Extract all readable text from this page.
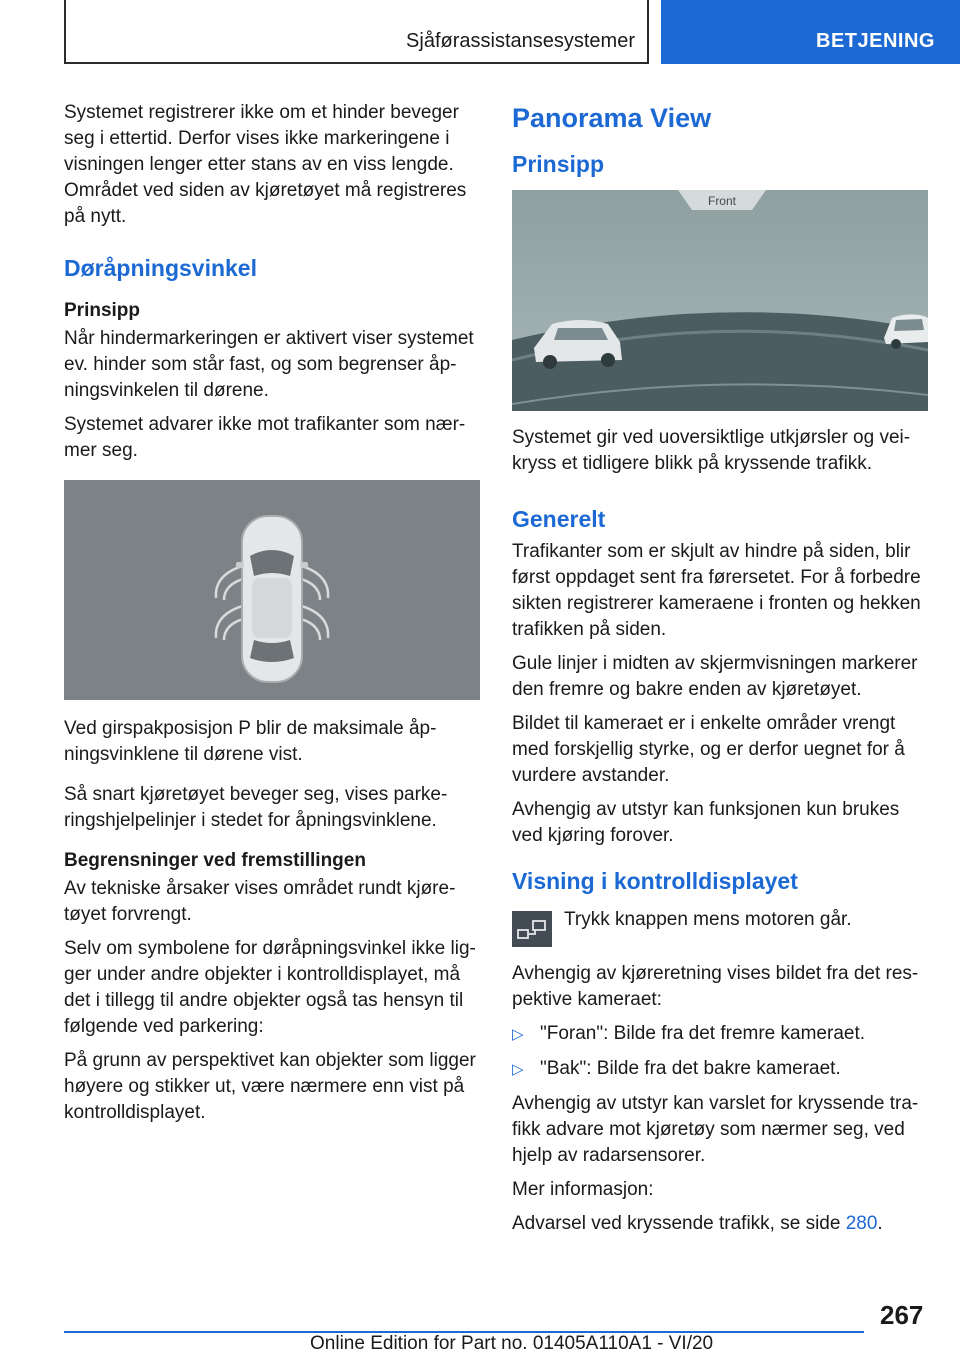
Sjåførassistansesystemer	BETJENING

Systemet registrerer ikke om et hinder beveger seg i ettertid. Derfor vises ikke markeringene i visningen lenger etter stans av en viss lengde. Området ved siden av kjøretøyet må registreres på nytt.

Døråpningsvinkel
Prinsipp

Når hindermarkeringen er aktivert viser systemet ev. hinder som står fast, og som begrenser åp-ningsvinkelen til dørene.

Systemet advarer ikke mot trafikanter som nær-mer seg.

Ved girspakposisjon P blir de maksimale åp-ningsvinklene til dørene vist.

Så snart kjøretøyet beveger seg, vises parke-ringshjelpelinjer i stedet for åpningsvinklene.

Begrensninger ved fremstillingen

Av tekniske årsaker vises området rundt kjøre-tøyet forvrengt.

Selv om symbolene for døråpningsvinkel ikke lig-ger under andre objekter i kontrolldisplayet, må det i tillegg til andre objekter også tas hensyn til følgende ved parkering:

På grunn av perspektivet kan objekter som ligger høyere og stikker ut, være nærmere enn vist på kontrolldisplayet.

Panorama View
Prinsipp
Front

Systemet gir ved uoversiktlige utkjørsler og vei-kryss et tidligere blikk på kryssende trafikk.

Generelt

Trafikanter som er skjult av hindre på siden, blir først oppdaget sent fra førersetet. For å forbedre sikten registrerer kameraene i fronten og hekken trafikken på siden.

Gule linjer i midten av skjermvisningen markerer den fremre og bakre enden av kjøretøyet.

Bildet til kameraet er i enkelte områder vrengt med forskjellig styrke, og er derfor uegnet for å vurdere avstander.

Avhengig av utstyr kan funksjonen kun brukes ved kjøring forover.

Visning i kontrolldisplayet

Trykk knappen mens motoren går.

Avhengig av kjøreretning vises bildet fra det res-pektive kameraet:

▷ "Foran": Bilde fra det fremre kameraet.
▷ "Bak": Bilde fra det bakre kameraet.

Avhengig av utstyr kan varslet for kryssende tra-fikk advare mot kjøretøy som nærmer seg, ved hjelp av radarsensorer.

Mer informasjon:

Advarsel ved kryssende trafikk, se side 280.

267
Online Edition for Part no. 01405A110A1 - VI/20
